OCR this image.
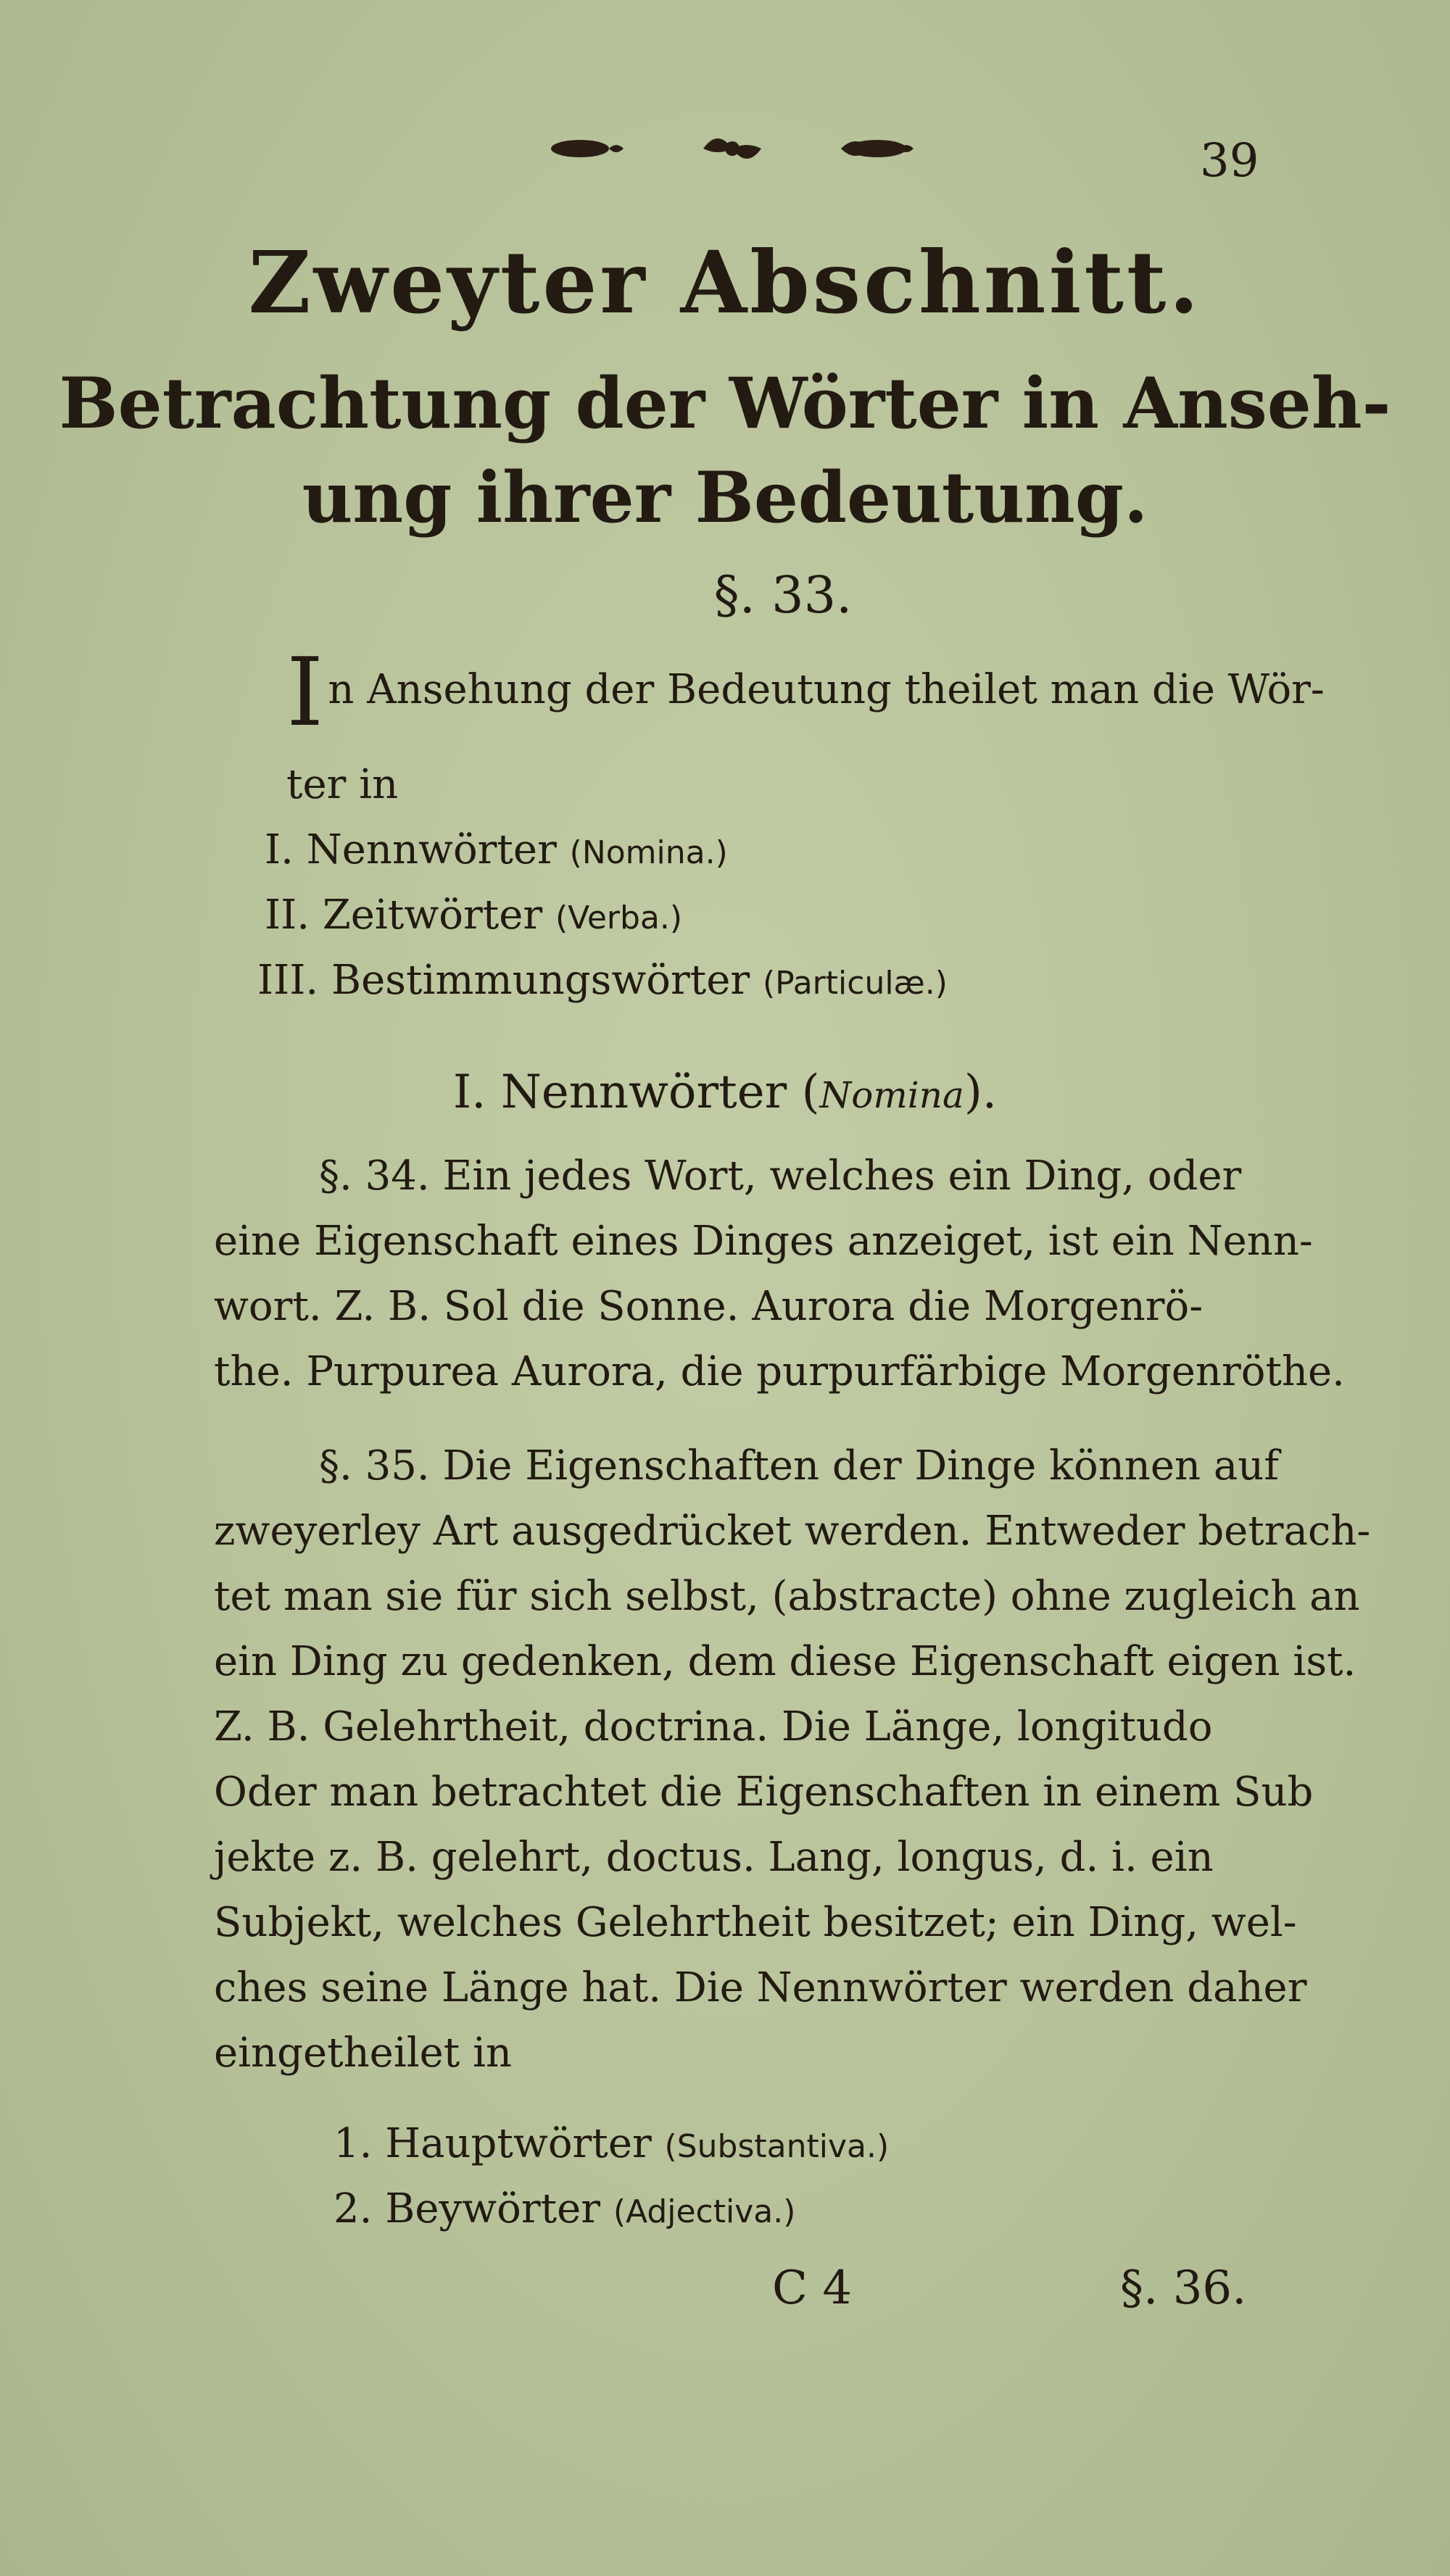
39
Zweyter Abschnitt.
Betrachtung der Wörter in Anseh-
ung ihrer Bedeutung.
§. 33.
In Ansehung der Bedeutung theilet man die Wör-
ter in
I. Nennwörter (Nomina.)
II. Zeitwörter (Verba.)
III. Bestimmungswörter (Particulæ.)
I. Nennwörter (Nomina).
§. 34. Ein jedes Wort, welches ein Ding, oder
eine Eigenschaft eines Dinges anzeiget, ist ein Nenn-
wort. Z. B. Sol die Sonne. Aurora die Morgenrö-
the. Purpurea Aurora, die purpurfärbige Morgenröthe.
§. 35. Die Eigenschaften der Dinge können auf
zweyerley Art ausgedrücket werden. Entweder betrach-
tet man sie für sich selbst, (abstracte) ohne zugleich an
ein Ding zu gedenken, dem diese Eigenschaft eigen ist.
Z. B. Gelehrtheit, doctrina. Die Länge, longitudo
Oder man betrachtet die Eigenschaften in einem Sub
jekte z. B. gelehrt, doctus. Lang, longus, d. i. ein
Subjekt, welches Gelehrtheit besitzet; ein Ding, wel-
ches seine Länge hat. Die Nennwörter werden daher
eingetheilet in
1. Hauptwörter (Substantiva.)
2. Beywörter (Adjectiva.)
C 4	§. 36.
